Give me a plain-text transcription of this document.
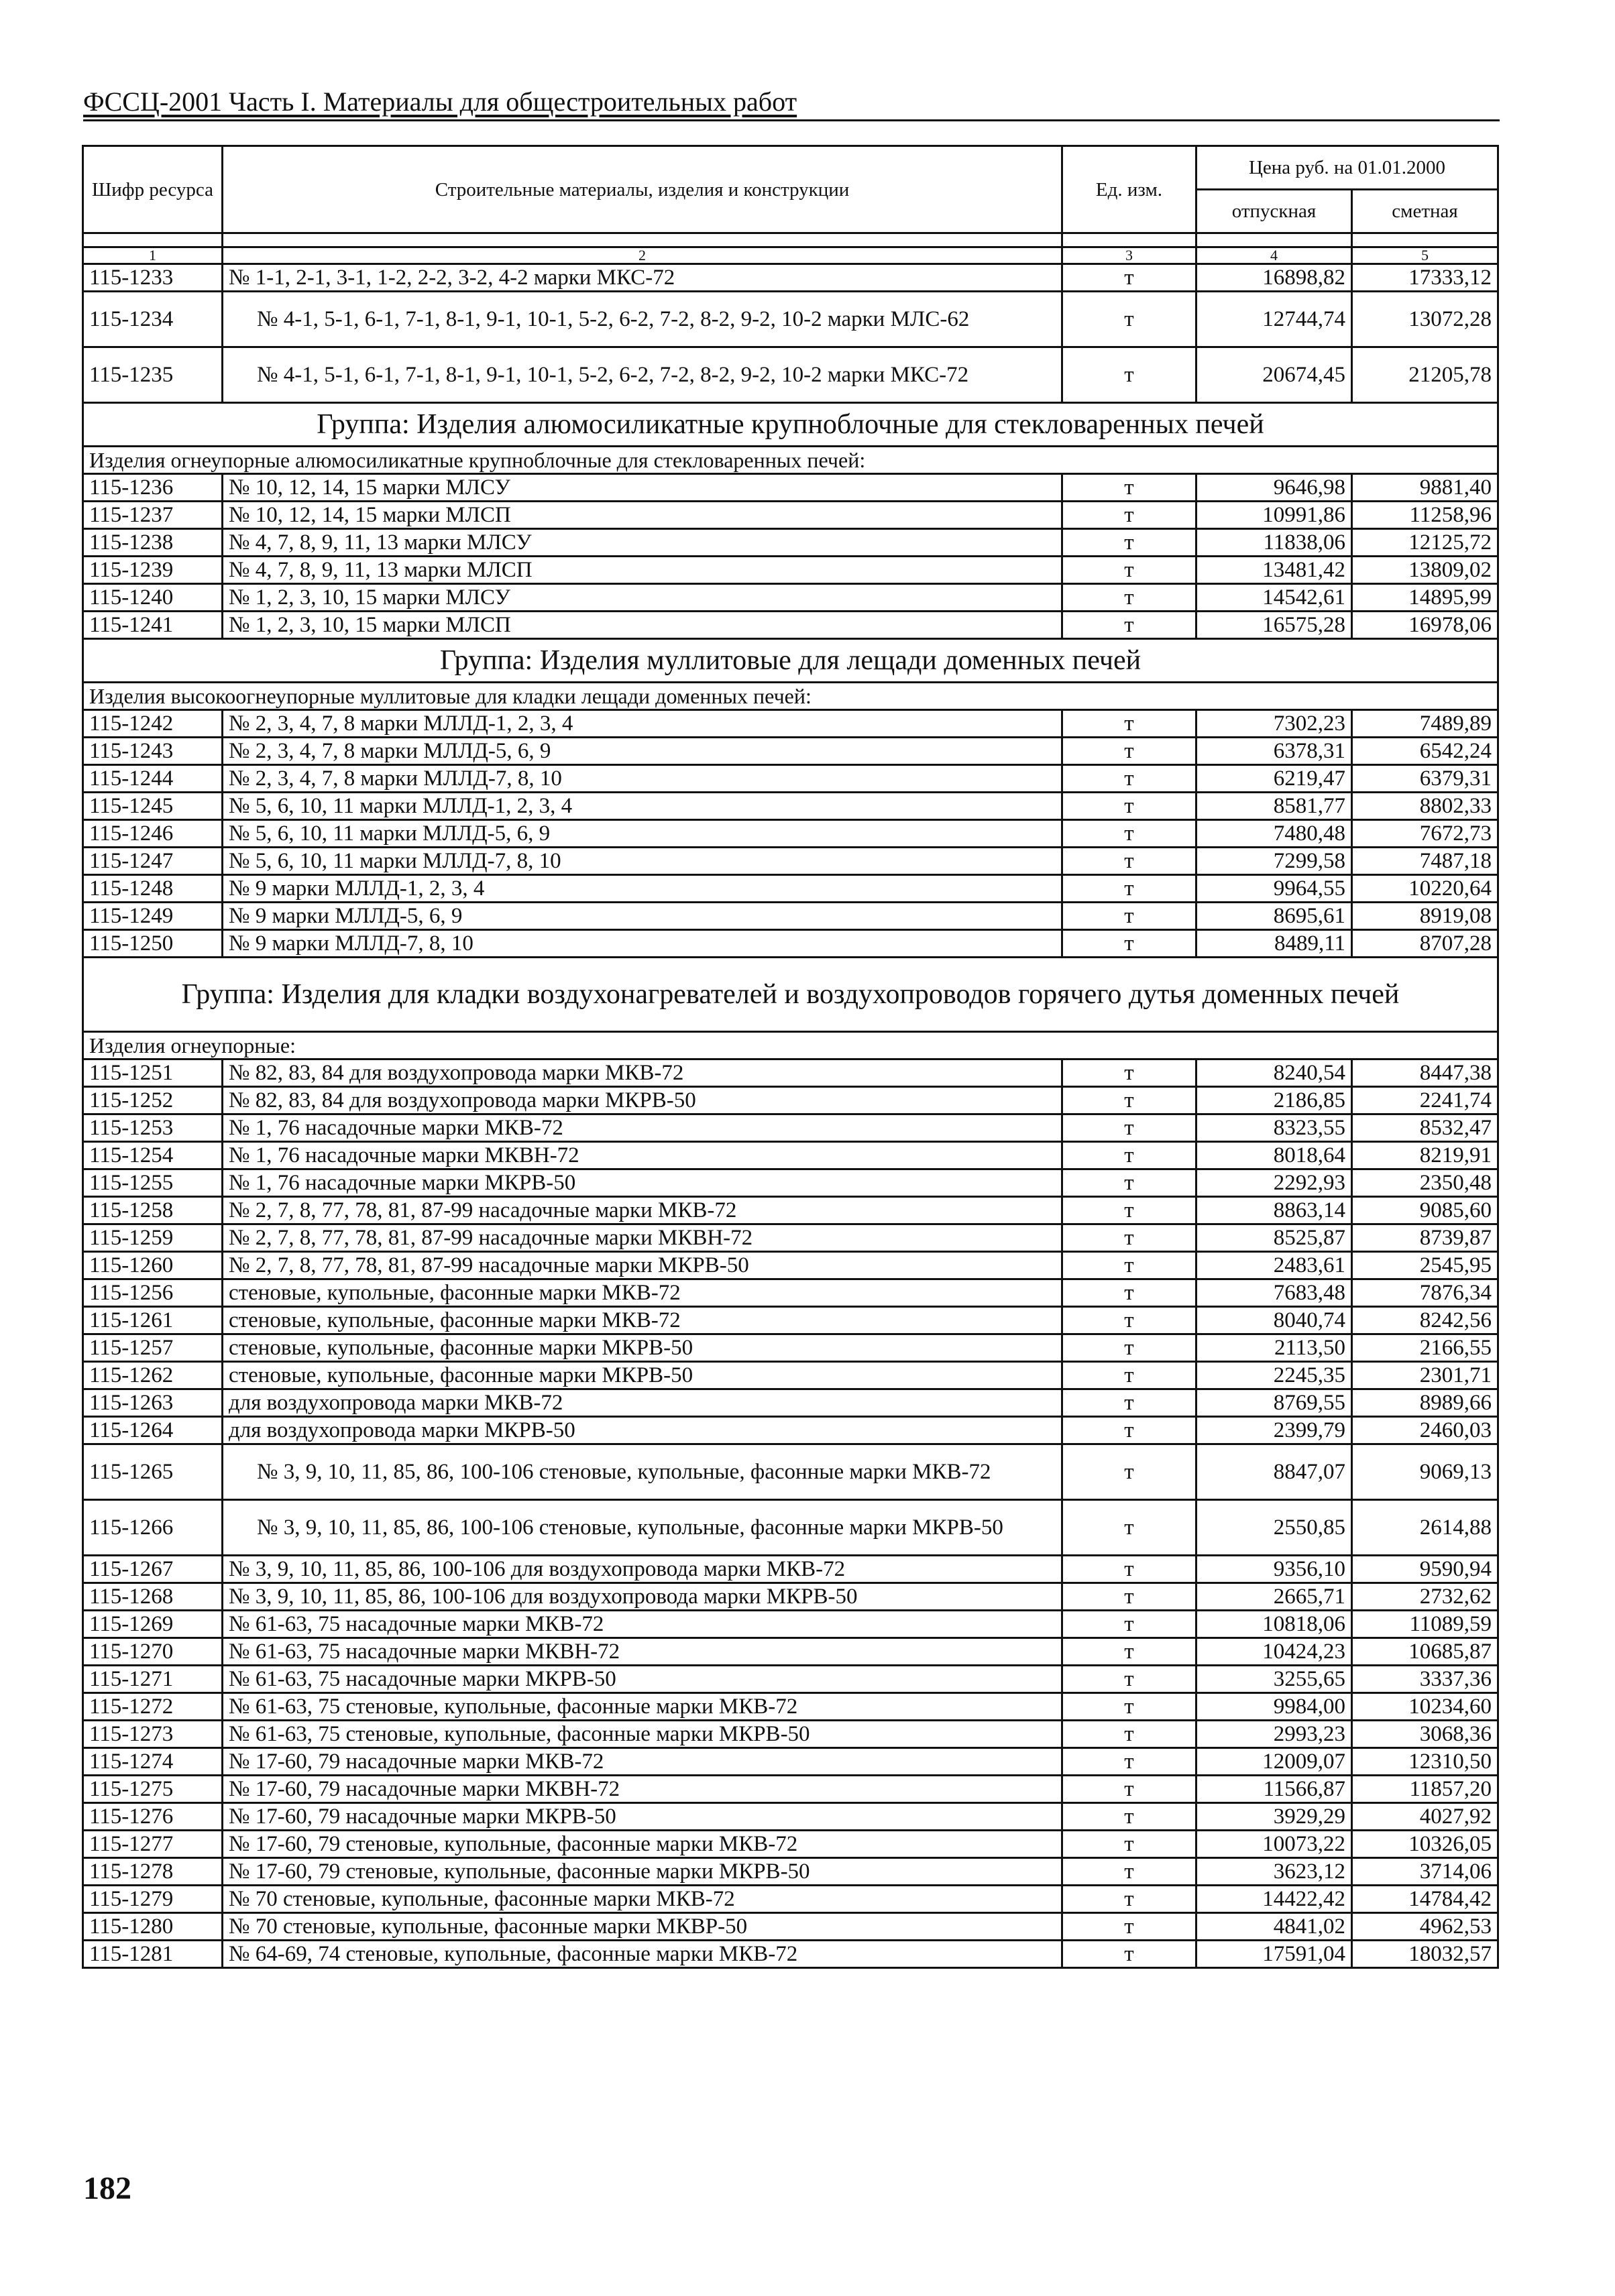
ФССЦ-2001 Часть I. Материалы для общестроительных работ
Шифр ресурса	Строительные материалы, изделия и конструкции	Ед. изм.	Цена руб. на 01.01.2000	
			отпускная	сметная

1	2	3	4	5
115-1233	№ 1-1, 2-1, 3-1, 1-2, 2-2, 3-2, 4-2 марки МКС-72	т	16898,82	17333,12
115-1234	№ 4-1, 5-1, 6-1, 7-1, 8-1, 9-1, 10-1, 5-2, 6-2, 7-2, 8-2, 9-2, 10-2 марки МЛС-62	т	12744,74	13072,28
115-1235	№ 4-1, 5-1, 6-1, 7-1, 8-1, 9-1, 10-1, 5-2, 6-2, 7-2, 8-2, 9-2, 10-2 марки МКС-72	т	20674,45	21205,78
Группа: Изделия алюмосиликатные крупноблочные для стекловаренных печей				
Изделия огнеупорные алюмосиликатные крупноблочные для стекловаренных печей:				
115-1236	№ 10, 12, 14, 15 марки МЛСУ	т	9646,98	9881,40
115-1237	№ 10, 12, 14, 15 марки МЛСП	т	10991,86	11258,96
115-1238	№ 4, 7, 8, 9, 11, 13 марки МЛСУ	т	11838,06	12125,72
115-1239	№ 4, 7, 8, 9, 11, 13 марки МЛСП	т	13481,42	13809,02
115-1240	№ 1, 2, 3, 10, 15 марки МЛСУ	т	14542,61	14895,99
115-1241	№ 1, 2, 3, 10, 15 марки МЛСП	т	16575,28	16978,06
Группа: Изделия муллитовые для лещади доменных печей				
Изделия высокоогнеупорные муллитовые для кладки лещади доменных печей:				
115-1242	№ 2, 3, 4, 7, 8 марки МЛЛД-1, 2, 3, 4	т	7302,23	7489,89
115-1243	№ 2, 3, 4, 7, 8 марки МЛЛД-5, 6, 9	т	6378,31	6542,24
115-1244	№ 2, 3, 4, 7, 8 марки МЛЛД-7, 8, 10	т	6219,47	6379,31
115-1245	№ 5, 6, 10, 11 марки МЛЛД-1, 2, 3, 4	т	8581,77	8802,33
115-1246	№ 5, 6, 10, 11 марки МЛЛД-5, 6, 9	т	7480,48	7672,73
115-1247	№ 5, 6, 10, 11 марки МЛЛД-7, 8, 10	т	7299,58	7487,18
115-1248	№ 9 марки МЛЛД-1, 2, 3, 4	т	9964,55	10220,64
115-1249	№ 9 марки МЛЛД-5, 6, 9	т	8695,61	8919,08
115-1250	№ 9 марки МЛЛД-7, 8, 10	т	8489,11	8707,28
Группа: Изделия для кладки воздухонагревателей и воздухопроводов горячего дутья доменных печей				
Изделия огнеупорные:				
115-1251	№ 82, 83, 84 для воздухопровода марки МКВ-72	т	8240,54	8447,38
115-1252	№ 82, 83, 84 для воздухопровода марки МКРВ-50	т	2186,85	2241,74
115-1253	№ 1, 76 насадочные марки МКВ-72	т	8323,55	8532,47
115-1254	№ 1, 76 насадочные марки МКВН-72	т	8018,64	8219,91
115-1255	№ 1, 76 насадочные марки МКРВ-50	т	2292,93	2350,48
115-1258	№ 2, 7, 8, 77, 78, 81, 87-99 насадочные марки МКВ-72	т	8863,14	9085,60
115-1259	№ 2, 7, 8, 77, 78, 81, 87-99 насадочные марки МКВН-72	т	8525,87	8739,87
115-1260	№ 2, 7, 8, 77, 78, 81, 87-99 насадочные марки МКРВ-50	т	2483,61	2545,95
115-1256	стеновые, купольные, фасонные марки МКВ-72	т	7683,48	7876,34
115-1261	стеновые, купольные, фасонные марки МКВ-72	т	8040,74	8242,56
115-1257	стеновые, купольные, фасонные марки МКРВ-50	т	2113,50	2166,55
115-1262	стеновые, купольные, фасонные марки МКРВ-50	т	2245,35	2301,71
115-1263	для воздухопровода марки МКВ-72	т	8769,55	8989,66
115-1264	для воздухопровода марки МКРВ-50	т	2399,79	2460,03
115-1265	№ 3, 9, 10, 11, 85, 86, 100-106 стеновые, купольные, фасонные марки МКВ-72	т	8847,07	9069,13
115-1266	№ 3, 9, 10, 11, 85, 86, 100-106 стеновые, купольные, фасонные марки МКРВ-50	т	2550,85	2614,88
115-1267	№ 3, 9, 10, 11, 85, 86, 100-106 для воздухопровода марки МКВ-72	т	9356,10	9590,94
115-1268	№ 3, 9, 10, 11, 85, 86, 100-106 для воздухопровода марки МКРВ-50	т	2665,71	2732,62
115-1269	№ 61-63, 75 насадочные марки МКВ-72	т	10818,06	11089,59
115-1270	№ 61-63, 75 насадочные марки МКВН-72	т	10424,23	10685,87
115-1271	№ 61-63, 75 насадочные марки МКРВ-50	т	3255,65	3337,36
115-1272	№ 61-63, 75 стеновые, купольные, фасонные марки МКВ-72	т	9984,00	10234,60
115-1273	№ 61-63, 75 стеновые, купольные, фасонные марки МКРВ-50	т	2993,23	3068,36
115-1274	№ 17-60, 79 насадочные марки МКВ-72	т	12009,07	12310,50
115-1275	№ 17-60, 79 насадочные марки МКВН-72	т	11566,87	11857,20
115-1276	№ 17-60, 79 насадочные марки МКРВ-50	т	3929,29	4027,92
115-1277	№ 17-60, 79 стеновые, купольные, фасонные марки МКВ-72	т	10073,22	10326,05
115-1278	№ 17-60, 79 стеновые, купольные, фасонные марки МКРВ-50	т	3623,12	3714,06
115-1279	№ 70 стеновые, купольные, фасонные марки МКВ-72	т	14422,42	14784,42
115-1280	№ 70 стеновые, купольные, фасонные марки МКВР-50	т	4841,02	4962,53
115-1281	№ 64-69, 74 стеновые, купольные, фасонные марки МКВ-72	т	17591,04	18032,57
182
